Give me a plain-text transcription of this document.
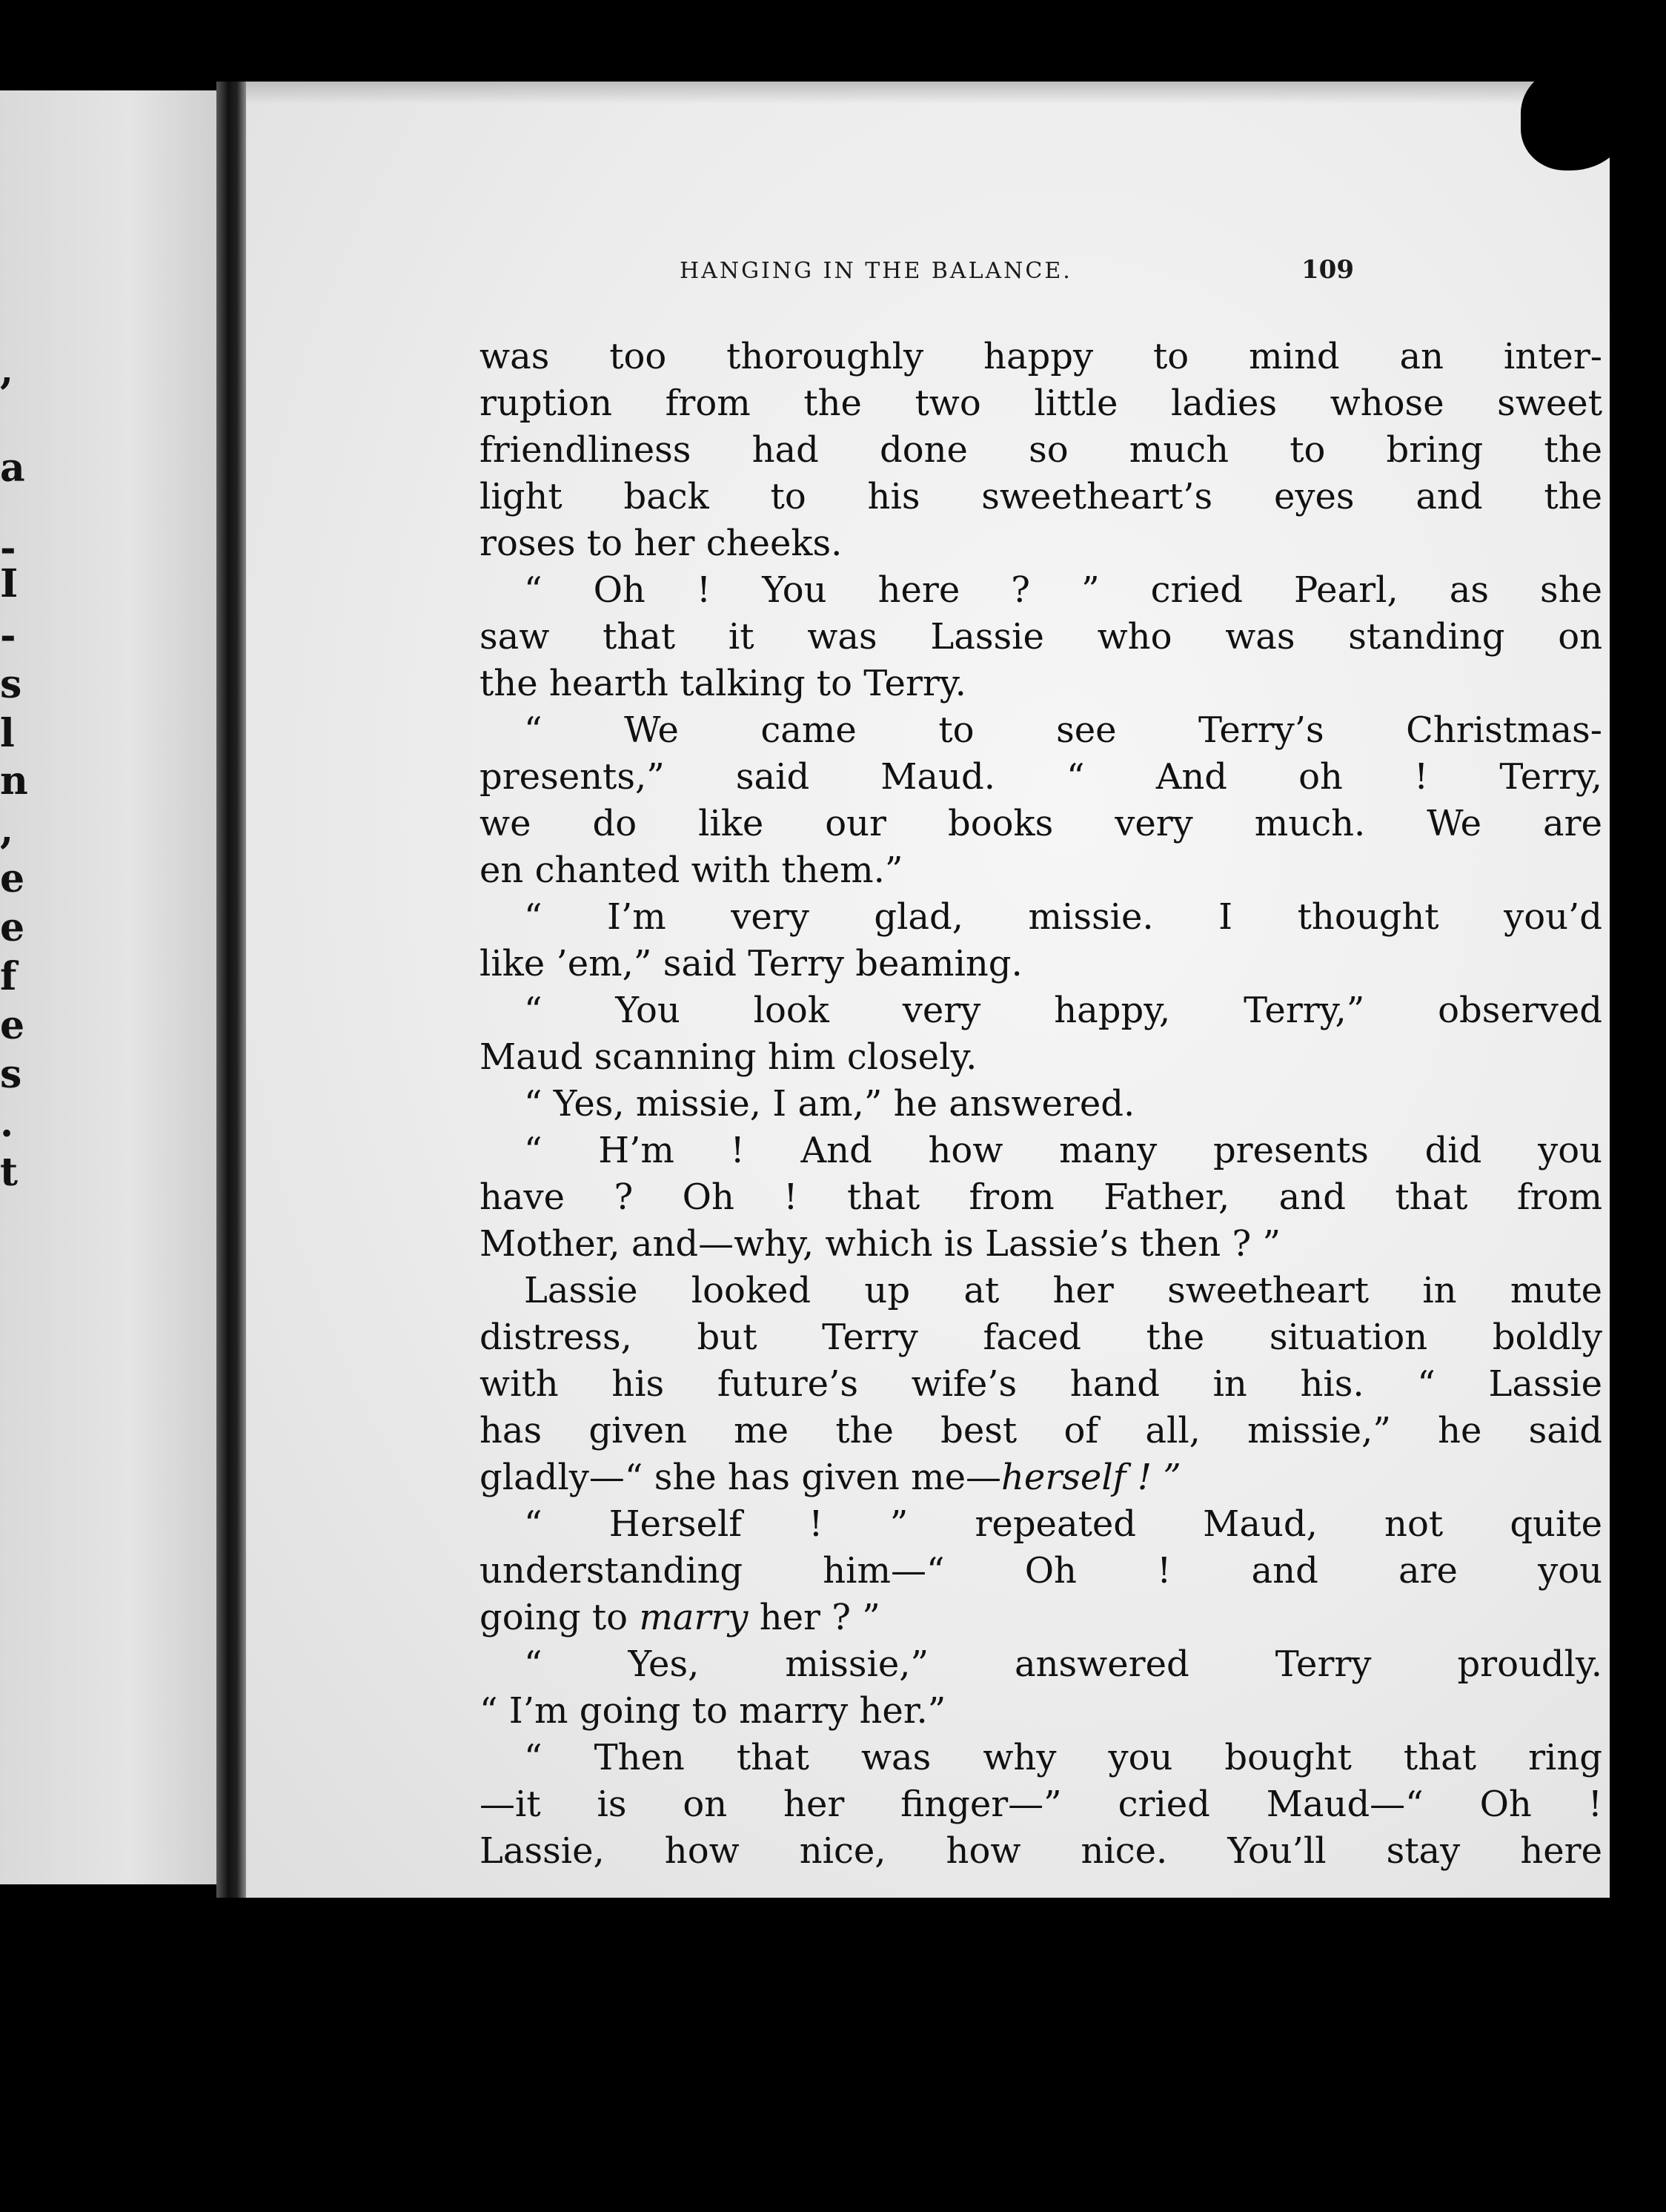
,
a
-
I
-
s
l
n
,
e
e
f
e
s
.
t
HANGING IN THE BALANCE.	109
was too thoroughly happy to mind an inter-
ruption from the two little ladies whose sweet
friendliness had done so much to bring the
light back to his sweetheart’s eyes and the
roses to her cheeks.
“ Oh ! You here ? ” cried Pearl, as she
saw that it was Lassie who was standing on
the hearth talking to Terry.
“ We came to see Terry’s Christmas-
presents,” said Maud. “ And oh ! Terry,
we do like our books very much. We are
en chanted with them.”
“ I’m very glad, missie. I thought you’d
like ’em,” said Terry beaming.
“ You look very happy, Terry,” observed
Maud scanning him closely.
“ Yes, missie, I am,” he answered.
“ H’m ! And how many presents did you
have ? Oh ! that from Father, and that from
Mother, and—why, which is Lassie’s then ? ”
Lassie looked up at her sweetheart in mute
distress, but Terry faced the situation boldly
with his future’s wife’s hand in his. “ Lassie
has given me the best of all, missie,” he said
gladly—“ she has given me—herself ! ”
“ Herself ! ” repeated Maud, not quite
understanding him—“ Oh ! and are you
going to marry her ? ”
“ Yes, missie,” answered Terry proudly.
“ I’m going to marry her.”
“ Then that was why you bought that ring
—it is on her finger—” cried Maud—“ Oh !
Lassie, how nice, how nice. You’ll stay here
